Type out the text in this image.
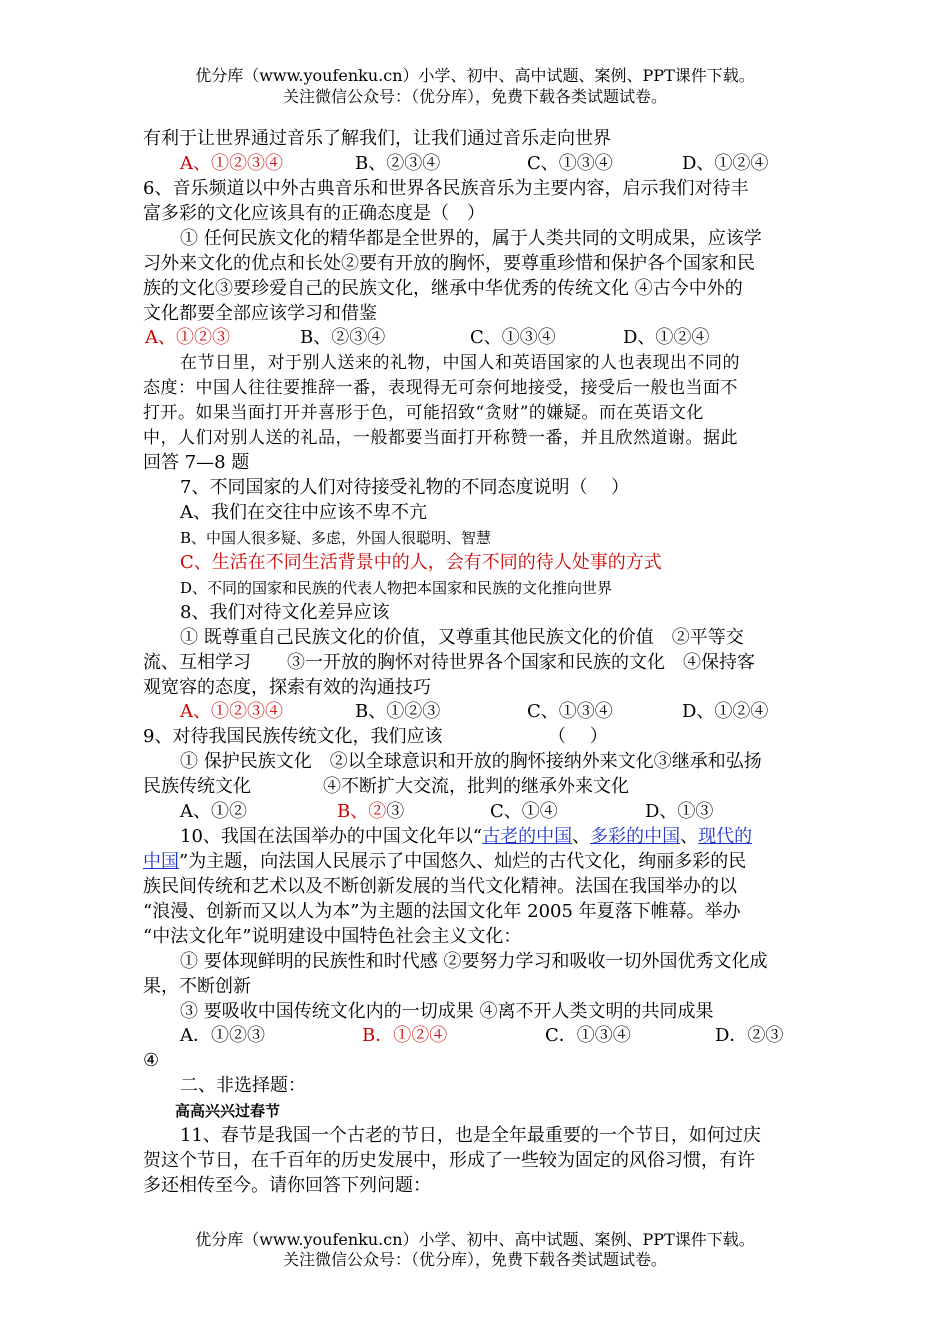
优分库（www.youfenku.cn）小学、初中、高中试题、案例、PPT课件下载。
关注微信公众号：（优分库），免费下载各类试题试卷。
有利于让世界通过音乐了解我们，让我们通过音乐走向世界
A、①②③④	B、②③④	C、①③④	D、①②④
6、音乐频道以中外古典音乐和世界各民族音乐为主要内容，启示我们对待丰
富多彩的文化应该具有的正确态度是（　）
① 任何民族文化的精华都是全世界的，属于人类共同的文明成果，应该学
习外来文化的优点和长处②要有开放的胸怀，要尊重珍惜和保护各个国家和民
族的文化③要珍爱自己的民族文化，继承中华优秀的传统文化 ④古今中外的
文化都要全部应该学习和借鉴
A、①②③	B、②③④	C、①③④	D、①②④
在节日里，对于别人送来的礼物，中国人和英语国家的人也表现出不同的
态度：中国人往往要推辞一番，表现得无可奈何地接受，接受后一般也当面不
打开。如果当面打开并喜形于色，可能招致“贪财”的嫌疑。而在英语文化
中，人们对别人送的礼品，一般都要当面打开称赞一番，并且欣然道谢。据此
回答 7—8 题
7、不同国家的人们对待接受礼物的不同态度说明（　 ）
A、我们在交往中应该不卑不亢
B、中国人很多疑、多虑，外国人很聪明、智慧
C、生活在不同生活背景中的人，会有不同的待人处事的方式
D、不同的国家和民族的代表人物把本国家和民族的文化推向世界
8、我们对待文化差异应该
① 既尊重自己民族文化的价值，又尊重其他民族文化的价值　②平等交
流、互相学习　　③一开放的胸怀对待世界各个国家和民族的文化　④保持客
观宽容的态度，探索有效的沟通技巧
A、①②③④	B、①②③	C、①③④	D、①②④
9、对待我国民族传统文化，我们应该	（　 ）
① 保护民族文化　②以全球意识和开放的胸怀接纳外来文化③继承和弘扬
民族传统文化　　　　④不断扩大交流，批判的继承外来文化
A、①②	B、②③	C、①④	D、①③
10、我国在法国举办的中国文化年以“古老的中国、多彩的中国、现代的
中国”为主题，向法国人民展示了中国悠久、灿烂的古代文化，绚丽多彩的民
族民间传统和艺术以及不断创新发展的当代文化精神。法国在我国举办的以
“浪漫、创新而又以人为本”为主题的法国文化年 2005 年夏落下帷幕。举办
“中法文化年”说明建设中国特色社会主义文化：
① 要体现鲜明的民族性和时代感 ②要努力学习和吸收一切外国优秀文化成
果，不断创新
③ 要吸收中国传统文化内的一切成果 ④离不开人类文明的共同成果
A．①②③	B．①②④	C．①③④	D．②③
④
二、非选择题：
高高兴兴过春节
11、春节是我国一个古老的节日，也是全年最重要的一个节日，如何过庆
贺这个节日，在千百年的历史发展中，形成了一些较为固定的风俗习惯，有许
多还相传至今。请你回答下列问题：
优分库（www.youfenku.cn）小学、初中、高中试题、案例、PPT课件下载。
关注微信公众号：（优分库），免费下载各类试题试卷。
